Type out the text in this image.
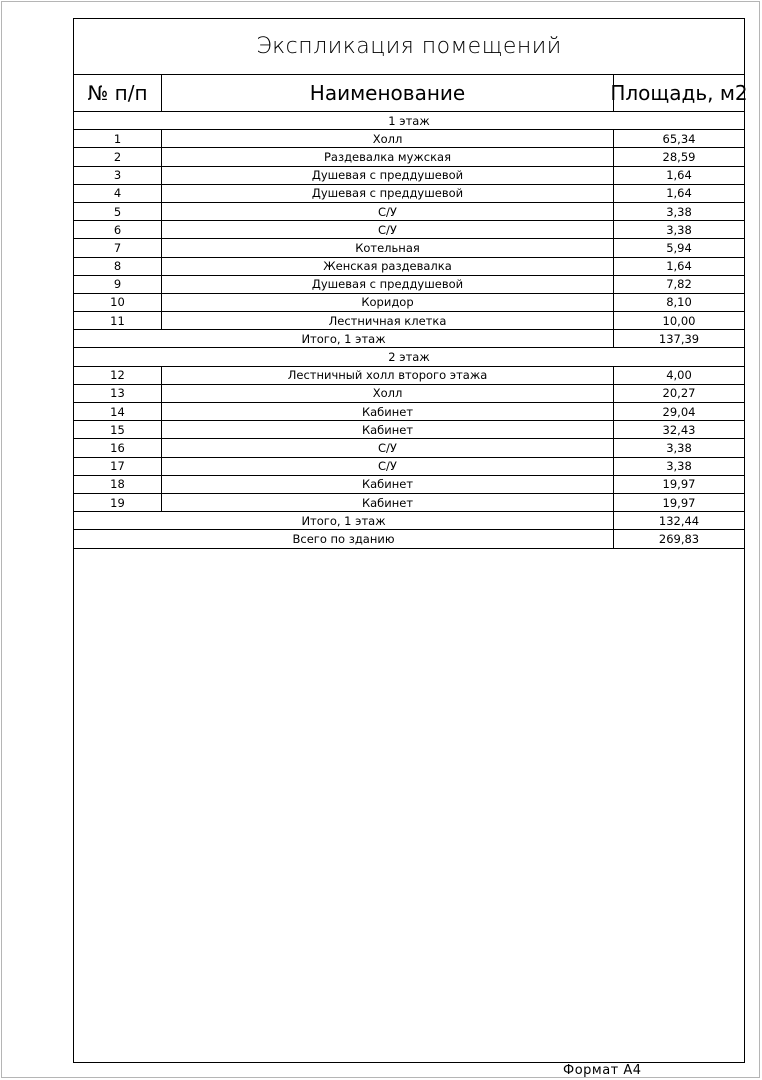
Экспликация помещений
№ п/п	Наименование	Площадь, м2
1 этаж
1	Холл	65,34
2	Раздевалка мужская	28,59
3	Душевая с преддушевой	1,64
4	Душевая с преддушевой	1,64
5	С/У	3,38
6	С/У	3,38
7	Котельная	5,94
8	Женская раздевалка	1,64
9	Душевая с преддушевой	7,82
10	Коридор	8,10
11	Лестничная клетка	10,00
Итого, 1 этаж	137,39
2 этаж
12	Лестничный холл второго этажа	4,00
13	Холл	20,27
14	Кабинет	29,04
15	Кабинет	32,43
16	С/У	3,38
17	С/У	3,38
18	Кабинет	19,97
19	Кабинет	19,97
Итого, 1 этаж	132,44
Всего по зданию	269,83
Формат А4
